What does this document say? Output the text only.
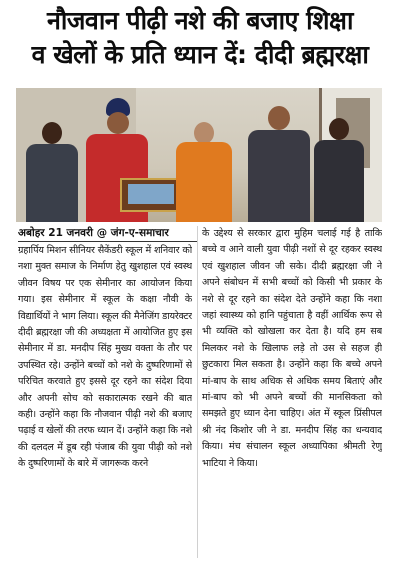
नौजवान पीढ़ी नशे की बजाए शिक्षा
व खेलों के प्रति ध्यान दें: दीदी ब्रह्मरक्षा
अबोहर 21 जनवरी @ जंग-ए-समाचार
ग्रहार्पिय मिशन सीनियर सैकेंडरी स्कूल में शनिवार को नशा मुक्त समाज के निर्माण हेतु खुशहाल एवं स्वस्थ जीवन विषय पर एक सेमीनार का आयोजन किया गया। इस सेमीनार में स्कूल के कक्षा नौवी के विद्यार्थियों ने भाग लिया। स्कूल की मैनेजिंग डायरेक्टर दीदी ब्रह्मरक्षा जी की अध्यक्षता में आयोजित हुए इस सेमीनार में डा. मनदीप सिंह मुख्य वक्ता के तौर पर उपस्थित रहे। उन्होंने बच्चों को नशे के दुष्परिणामों से परिचित करवाते हुए इससे दूर रहने का संदेश दिया और अपनी सोच को सकारात्मक रखने की बात कही। उन्होंने कहा कि नौजवान पीढ़ी नशे की बजाए पढ़ाई व खेलों की तरफ ध्यान दें। उन्होंने कहा कि नशे की दलदल में डूब रही पंजाब की युवा पीढ़ी को नशे के दुष्परिणामों के बारे में जागरूक करने
के उद्देश्य से सरकार द्वारा मुहिम चलाई गई है ताकि बच्चे व आने वाली युवा पीढ़ी नशों से दूर रहकर स्वस्थ एवं खुशहाल जीवन जी सके। दीदी ब्रह्मरक्षा जी ने अपने संबोधन में सभी बच्चों को किसी भी प्रकार के नशे से दूर रहने का संदेश देते उन्होंने कहा कि नशा जहां स्वास्थ्य को हानि पहुंचाता है वहीं आर्थिक रूप से भी व्यक्ति को खोखला कर देता है। यदि हम सब मिलकर नशे के खिलाफ लड़े तो उस से सहज ही छुटकारा मिल सकता है। उन्होंने कहा कि बच्चे अपने मां-बाप के साथ अधिक से अधिक समय बिताएं और मां-बाप को भी अपने बच्चों की मानसिकता को समझते हुए ध्यान देना चाहिए। अंत में स्कूल प्रिंसीपल श्री नंद किशोर जी ने डा. मनदीप सिंह का धन्यवाद किया। मंच संचालन स्कूल अध्यापिका श्रीमती रेणु भाटिया ने किया।
